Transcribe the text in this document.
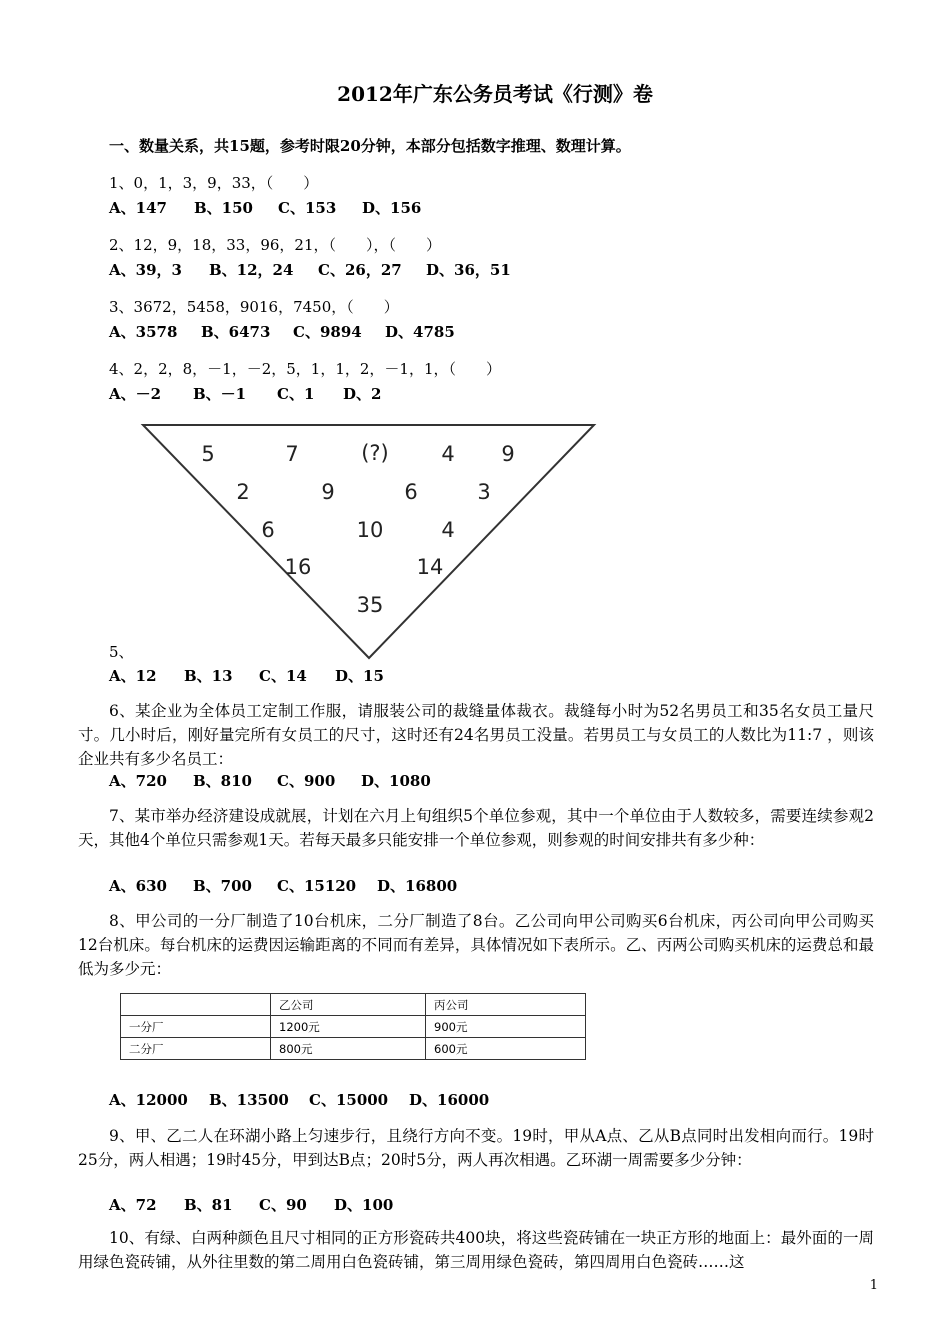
2012年广东公务员考试《行测》卷
一、数量关系，共15题，参考时限20分钟，本部分包括数字推理、数理计算。
1、0，1，3，9，33，（　　）
A、147 B、150 C、153 D、156
2、12，9，18，33，96，21，（　　），（　　）
A、39，3 B、12，24 C、26，27 D、36，51
3、3672，5458，9016，7450，（　　）
A、3578 B、6473 C、9894 D、4785
4、2，2，8，－1，－2，5，1，1，2，－1，1，（　　）
A、－2 B、－1 C、1 D、2
5	7	(?)	4 9
2	9	6	3
6	10	4
16	14
35
5、
A、12 B、13 C、14 D、15
6、某企业为全体员工定制工作服，请服装公司的裁缝量体裁衣。裁缝每小时为52名男员工和35名女员工量尺寸。几小时后，刚好量完所有女员工的尺寸，这时还有24名男员工没量。若男员工与女员工的人数比为11:7 ，则该企业共有多少名员工：
A、720 B、810 C、900 D、1080
7、某市举办经济建设成就展，计划在六月上旬组织5个单位参观，其中一个单位由于人数较多，需要连续参观2天，其他4个单位只需参观1天。若每天最多只能安排一个单位参观，则参观的时间安排共有多少种：
A、630 B、700 C、15120 D、16800
8、甲公司的一分厂制造了10台机床，二分厂制造了8台。乙公司向甲公司购买6台机床，丙公司向甲公司购买12台机床。每台机床的运费因运输距离的不同而有差异，具体情况如下表所示。乙、丙两公司购买机床的运费总和最低为多少元：
	乙公司	丙公司
一分厂	1200元	900元
二分厂	800元	600元
A、12000 B、13500 C、15000 D、16000
9、甲、乙二人在环湖小路上匀速步行，且绕行方向不变。19时，甲从A点、乙从B点同时出发相向而行。19时25分，两人相遇；19时45分，甲到达B点；20时5分，两人再次相遇。乙环湖一周需要多少分钟：
A、72 B、81 C、90 D、100
10、有绿、白两种颜色且尺寸相同的正方形瓷砖共400块，将这些瓷砖铺在一块正方形的地面上：最外面的一周用绿色瓷砖铺，从外往里数的第二周用白色瓷砖铺，第三周用绿色瓷砖，第四周用白色瓷砖……这
1
